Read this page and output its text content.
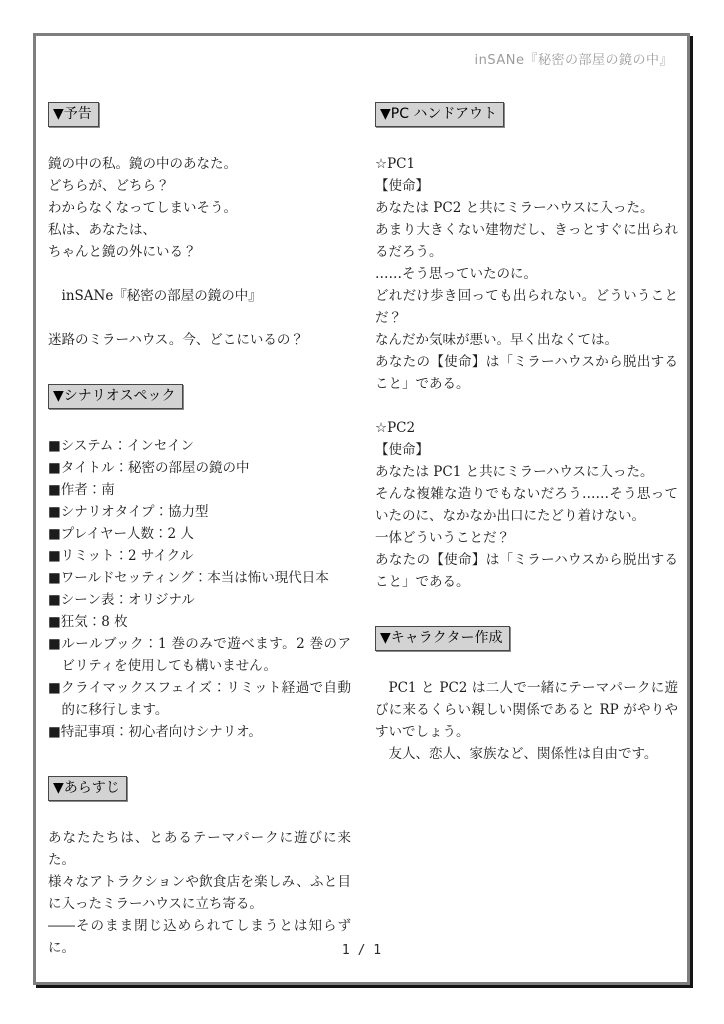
inSANe『秘密の部屋の鏡の中』
▼予告

鏡の中の私。鏡の中のあなた。

どちらが、どちら？

わからなくなってしまいそう。

私は、あなたは、

ちゃんと鏡の外にいる？

inSANe『秘密の部屋の鏡の中』

迷路のミラーハウス。今、どこにいるの？

▼シナリオスペック
■システム：インセイン
■タイトル：秘密の部屋の鏡の中
■作者：南
■シナリオタイプ：協力型
■プレイヤー人数：2 人
■リミット：2 サイクル
■ワールドセッティング：本当は怖い現代日本
■シーン表：オリジナル
■狂気：8 枚
■ルールブック：1 巻のみで遊べます。2 巻のアビリティを使用しても構いません。
■クライマックスフェイズ：リミット経過で自動的に移行します。
■特記事項：初心者向けシナリオ。
▼あらすじ

あなたたちは、とあるテーマパークに遊びに来た。

様々なアトラクションや飲食店を楽しみ、ふと目に入ったミラーハウスに立ち寄る。

――そのまま閉じ込められてしまうとは知らずに。

▼PC ハンドアウト

☆PC1

【使命】

あなたは PC2 と共にミラーハウスに入った。

あまり大きくない建物だし、きっとすぐに出られるだろう。

……そう思っていたのに。

どれだけ歩き回っても出られない。どういうことだ？

なんだか気味が悪い。早く出なくては。

あなたの【使命】は「ミラーハウスから脱出すること」である。

☆PC2

【使命】

あなたは PC1 と共にミラーハウスに入った。

そんな複雑な造りでもないだろう……そう思っていたのに、なかなか出口にたどり着けない。

一体どういうことだ？

あなたの【使命】は「ミラーハウスから脱出すること」である。

▼キャラクター作成

PC1 と PC2 は二人で一緒にテーマパークに遊びに来るくらい親しい関係であると RP がやりやすいでしょう。

友人、恋人、家族など、関係性は自由です。

1 / 1
